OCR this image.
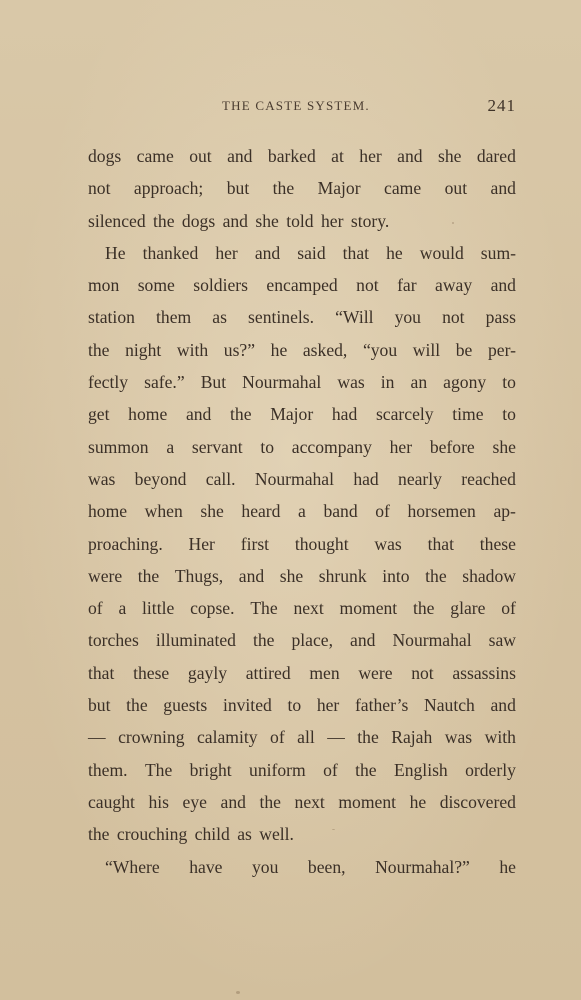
THE CASTE SYSTEM.	241
dogs came out and barked at her and she dared
not approach; but the Major came out and
silenced the dogs and she told her story.
He thanked her and said that he would sum-
mon some soldiers encamped not far away and
station them as sentinels. “Will you not pass
the night with us?” he asked, “you will be per-
fectly safe.” But Nourmahal was in an agony to
get home and the Major had scarcely time to
summon a servant to accompany her before she
was beyond call. Nourmahal had nearly reached
home when she heard a band of horsemen ap-
proaching. Her first thought was that these
were the Thugs, and she shrunk into the shadow
of a little copse. The next moment the glare of
torches illuminated the place, and Nourmahal saw
that these gayly attired men were not assassins
but the guests invited to her father’s Nautch and
— crowning calamity of all — the Rajah was with
them. The bright uniform of the English orderly
caught his eye and the next moment he discovered
the crouching child as well.
“Where have you been, Nourmahal?” he
